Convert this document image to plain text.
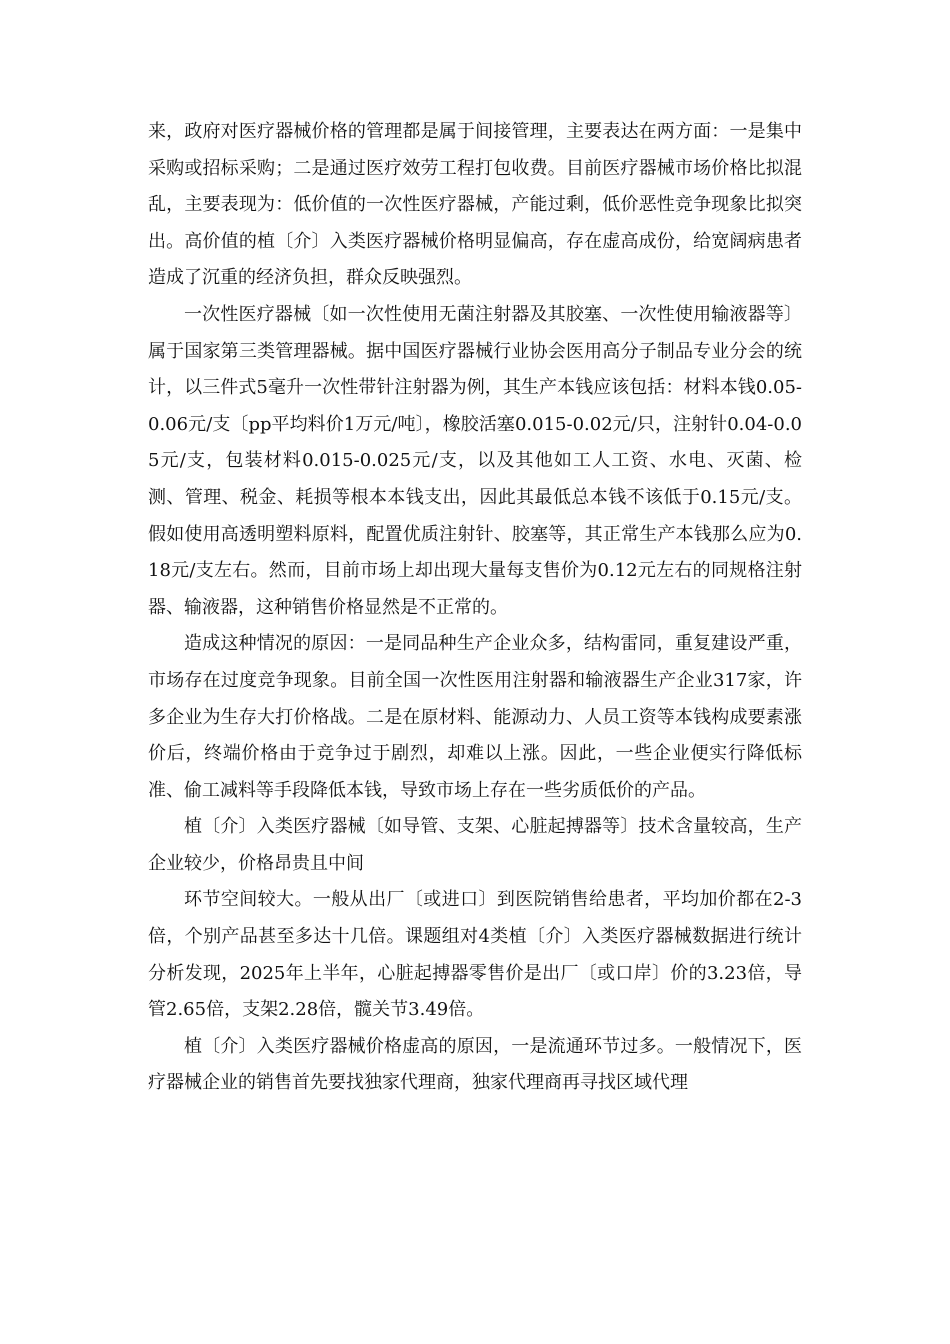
来，政府对医疗器械价格的管理都是属于间接管理，主要表达在两方面：一是集中采购或招标采购；二是通过医疗效劳工程打包收费。目前医疗器械市场价格比拟混乱，主要表现为：低价值的一次性医疗器械，产能过剩，低价恶性竞争现象比拟突出。高价值的植〔介〕入类医疗器械价格明显偏高，存在虚高成份，给宽阔病患者造成了沉重的经济负担，群众反映强烈。

一次性医疗器械〔如一次性使用无菌注射器及其胶塞、一次性使用输液器等〕属于国家第三类管理器械。据中国医疗器械行业协会医用高分子制品专业分会的统计，以三件式5毫升一次性带针注射器为例，其生产本钱应该包括：材料本钱0.05-0.06元/支〔pp平均料价1万元/吨〕，橡胶活塞0.015-0.02元/只，注射针0.04-0.05元/支，包装材料0.015-0.025元/支，以及其他如工人工资、水电、灭菌、检测、管理、税金、耗损等根本本钱支出，因此其最低总本钱不该低于0.15元/支。假如使用高透明塑料原料，配置优质注射针、胶塞等，其正常生产本钱那么应为0.18元/支左右。然而，目前市场上却出现大量每支售价为0.12元左右的同规格注射器、输液器，这种销售价格显然是不正常的。

造成这种情况的原因：一是同品种生产企业众多，结构雷同，重复建设严重，市场存在过度竞争现象。目前全国一次性医用注射器和输液器生产企业317家，许多企业为生存大打价格战。二是在原材料、能源动力、人员工资等本钱构成要素涨价后，终端价格由于竞争过于剧烈，却难以上涨。因此，一些企业便实行降低标准、偷工减料等手段降低本钱，导致市场上存在一些劣质低价的产品。

植〔介〕入类医疗器械〔如导管、支架、心脏起搏器等〕技术含量较高，生产企业较少，价格昂贵且中间

环节空间较大。一般从出厂〔或进口〕到医院销售给患者，平均加价都在2-3倍，个别产品甚至多达十几倍。课题组对4类植〔介〕入类医疗器械数据进行统计分析发现，2025年上半年，心脏起搏器零售价是出厂〔或口岸〕价的3.23倍，导管2.65倍，支架2.28倍，髋关节3.49倍。

植〔介〕入类医疗器械价格虚高的原因，一是流通环节过多。一般情况下，医疗器械企业的销售首先要找独家代理商，独家代理商再寻找区域代理
